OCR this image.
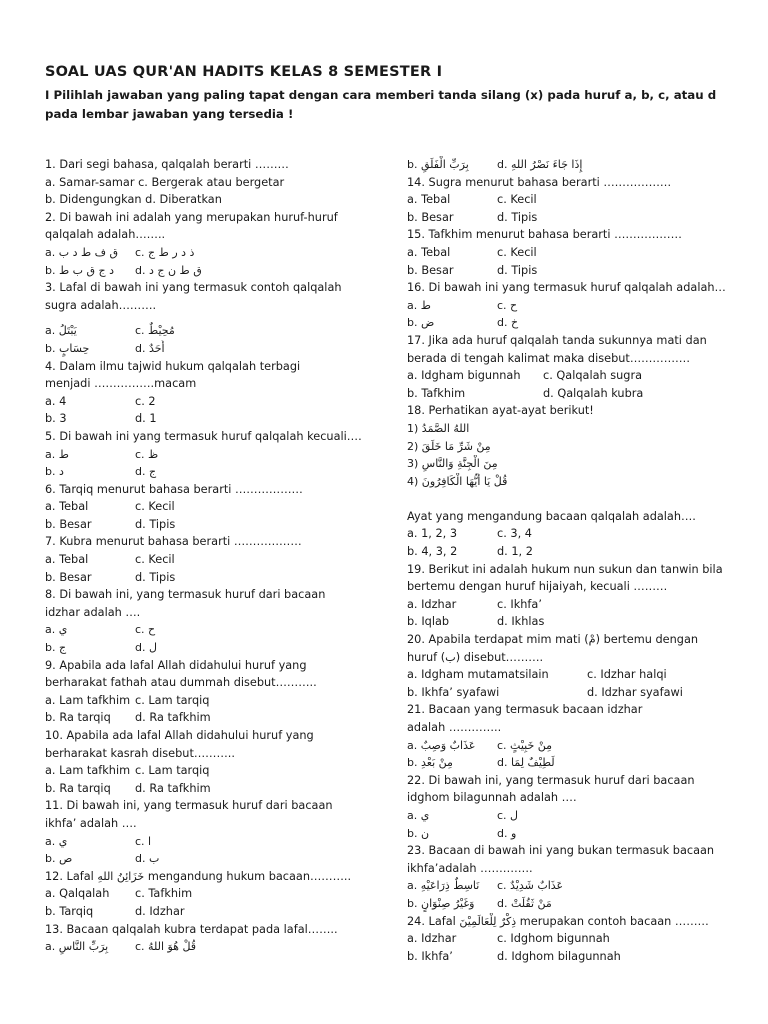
SOAL UAS QUR'AN HADITS KELAS 8 SEMESTER I
I Pilihlah jawaban yang paling tapat dengan cara memberi tanda silang (x) pada huruf a, b, c, atau d pada lembar jawaban yang tersedia !
1. Dari segi bahasa, qalqalah berarti ………
a. Samar-samar c. Bergerak atau bergetar
b. Didengungkan d. Diberatkan
2. Di bawah ini adalah yang merupakan huruf-huruf
qalqalah adalah……..
a. ق ف ط د ب c. ذ د ر ط ج
b. د ج ق ب ط d. ق ط ن ج د
3. Lafal di bawah ini yang termasuk contoh qalqalah
sugra adalah……….
a. يَبْتَلُ	c. مُحِيْطٌ
b. حِسَابٍ	d. أَحَدٌ
4. Dalam ilmu tajwid hukum qalqalah terbagi
menjadi …………….macam
a. 4	c. 2
b. 3	d. 1
5. Di bawah ini yang termasuk huruf qalqalah kecuali….
a. ط	c. ظ
b. د	d. ج
6. Tarqiq menurut bahasa berarti ………………
a. Tebal	c. Kecil
b. Besar	d. Tipis
7. Kubra menurut bahasa berarti ………………
a. Tebal	c. Kecil
b. Besar	d. Tipis
8. Di bawah ini, yang termasuk huruf dari bacaan
idzhar adalah ….
a. ي	c. ح
b. ج	d. ل
9. Apabila ada lafal Allah didahului huruf yang
berharakat fathah atau dummah disebut………..
a. Lam tafkhim c. Lam tarqiq
b. Ra tarqiq d. Ra tafkhim
10. Apabila ada lafal Allah didahului huruf yang
berharakat kasrah disebut………..
a. Lam tafkhim c. Lam tarqiq
b. Ra tarqiq d. Ra tafkhim
11. Di bawah ini, yang termasuk huruf dari bacaan
ikhfa’ adalah ….
a. ي	c. ا
b. ص	d. ب
12. Lafal خَزَائِنُ اللهِ mengandung hukum bacaan………..
a. Qalqalah c. Tafkhim
b. Tarqiq	d. Idzhar
13. Bacaan qalqalah kubra terdapat pada lafal……..
a. بِرَبِّ النَّاسِ c. قُلْ هُوَ اللهُ
b. بِرَبِّ الْفَلَقِ	d. إِذَا جَاءَ نَصْرُ اللهِ
14. Sugra menurut bahasa berarti ………………
a. Tebal	c. Kecil
b. Besar	d. Tipis
15. Tafkhim menurut bahasa berarti ………………
a. Tebal	c. Kecil
b. Besar	d. Tipis
16. Di bawah ini yang termasuk huruf qalqalah adalah…
a. ط	c. ح
b. ض	d. خ
17. Jika ada huruf qalqalah tanda sukunnya mati dan
berada di tengah kalimat maka disebut…………….
a. Idgham bigunnah c. Qalqalah sugra
b. Tafkhim	d. Qalqalah kubra
18. Perhatikan ayat-ayat berikut!
1) اللهُ الصَّمَدُ
2) مِنْ شَرِّ مَا خَلَقَ
3) مِنَ الْجِنَّةِ وَالنَّاسِ
4) قُلْ يَا أَيُّهَا الْكَافِرُونَ
Ayat yang mengandung bacaan qalqalah adalah….
a. 1, 2, 3	c. 3, 4
b. 4, 3, 2	d. 1, 2
19. Berikut ini adalah hukum nun sukun dan tanwin bila
bertemu dengan huruf hijaiyah, kecuali ………
a. Idzhar	c. Ikhfa’
b. Iqlab	d. Ikhlas
20. Apabila terdapat mim mati (مْ) bertemu dengan
huruf (ب) disebut……….
a. Idgham mutamatsilain	c. Idzhar halqi
b. Ikhfa’ syafawi	d. Idzhar syafawi
21. Bacaan yang termasuk bacaan idzhar
adalah …………..
a. عَذَابٌ وَصِبٌ c. مِنْ خَبِيْثٍ
b. مِنْ بَعْدِ	d. لَطِيْفٌ لِمَا
22. Di bawah ini, yang termasuk huruf dari bacaan
idghom bilagunnah adalah ….
a. ي	c. ل
b. ن	d. و
23. Bacaan di bawah ini yang bukan termasuk bacaan
ikhfa’adalah …………..
a. نَاسِطٌ ذِرَاعَيْهِ c. عَذَابٌ شَدِيْدٌ
b. وَغَيْرُ صِنْوَانٍ d. مَنْ ثَقُلَتْ
24. Lafal ذِكْرٌ لِلْعَالَمِيْنَ merupakan contoh bacaan ………
a. Idzhar	c. Idghom bigunnah
b. Ikhfa’	d. Idghom bilagunnah
